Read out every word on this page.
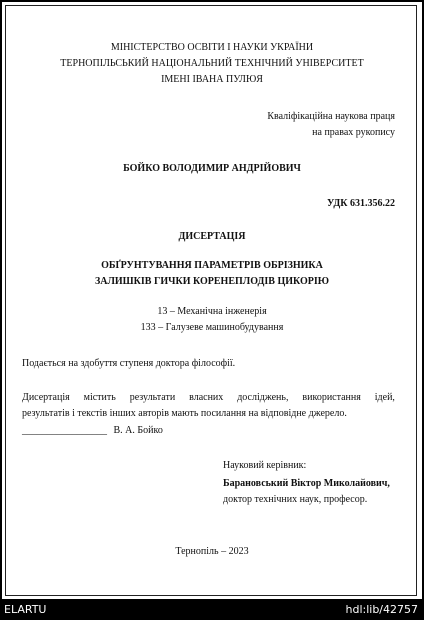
МІНІСТЕРСТВО ОСВІТИ І НАУКИ УКРАЇНИ
ТЕРНОПІЛЬСЬКИЙ НАЦІОНАЛЬНИЙ ТЕХНІЧНИЙ УНІВЕРСИТЕТ
ІМЕНІ ІВАНА ПУЛЮЯ
Кваліфікаційна наукова праця
на правах рукопису
БОЙКО ВОЛОДИМИР АНДРІЙОВИЧ
УДК 631.356.22
ДИСЕРТАЦІЯ
ОБҐРУНТУВАННЯ ПАРАМЕТРІВ ОБРІЗНИКА
ЗАЛИШКІВ ГИЧКИ КОРЕНЕПЛОДІВ ЦИКОРІЮ
13 – Механічна інженерія
133 – Галузеве машинобудування
Подається на здобуття ступеня доктора філософії.
Дисертація містить результати власних досліджень, використання ідей,
результатів і текстів інших авторів мають посилання на відповідне джерело.
_________________ В. А. Бойко
Науковий керівник:
Барановський Віктор Миколайович,
доктор технічних наук, професор.
Тернопіль – 2023
ELARTU	hdl:lib/42757
